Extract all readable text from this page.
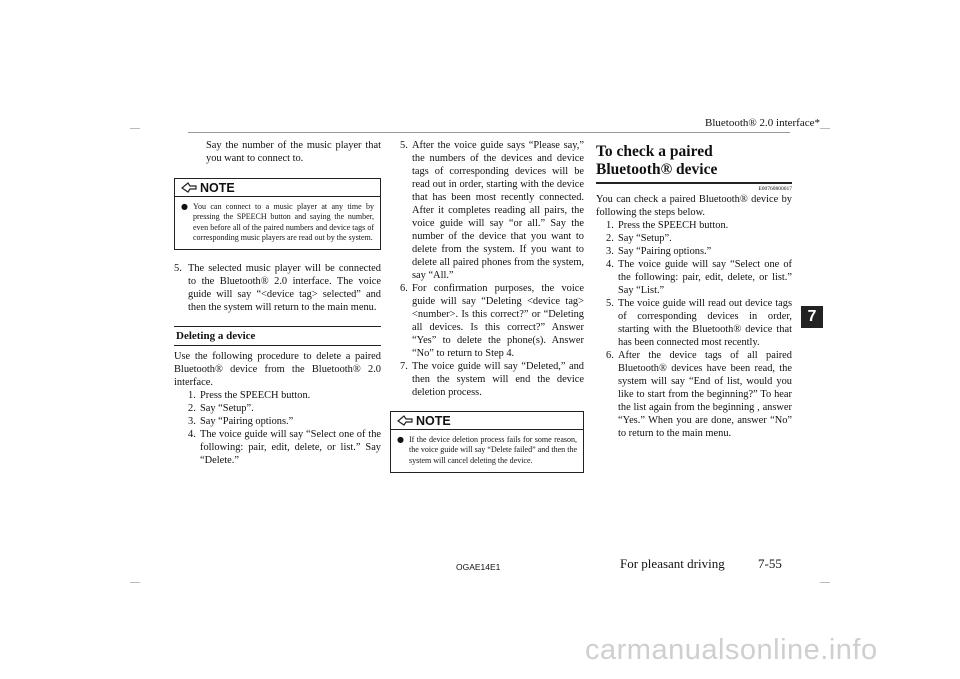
Bluetooth® 2.0 interface*
7
Say the number of the music player that you want to connect to.
NOTE
● You can connect to a music player at any time by pressing the SPEECH button and saying the number, even before all of the paired numbers and device tags of corresponding music players are read out by the system.
5. The selected music player will be connected to the Bluetooth® 2.0 interface. The voice guide will say “<device tag> selected” and then the system will return to the main menu.
Deleting a device
Use the following procedure to delete a paired Bluetooth® device from the Bluetooth® 2.0 interface.
1. Press the SPEECH button.
2. Say “Setup”.
3. Say “Pairing options.”
4. The voice guide will say “Select one of the following: pair, edit, delete, or list.” Say “Delete.”
5. After the voice guide says “Please say,” the numbers of the devices and device tags of corresponding devices will be read out in order, starting with the device that has been most recently connected. After it completes reading all pairs, the voice guide will say “or all.” Say the number of the device that you want to delete from the system. If you want to delete all paired phones from the system, say “All.”
6. For confirmation purposes, the voice guide will say “Deleting <device tag> <number>. Is this correct?” or “Deleting all devices. Is this correct?” Answer “Yes” to delete the phone(s). Answer “No” to return to Step 4.
7. The voice guide will say “Deleted,” and then the system will end the device deletion process.
NOTE
● If the device deletion process fails for some reason, the voice guide will say “Delete failed” and then the system will cancel deleting the device.
To check a paired Bluetooth® device
E00760800017
You can check a paired Bluetooth® device by following the steps below.
1. Press the SPEECH button.
2. Say “Setup”.
3. Say “Pairing options.”
4. The voice guide will say “Select one of the following: pair, edit, delete, or list.” Say “List.”
5. The voice guide will read out device tags of corresponding devices in order, starting with the Bluetooth® device that has been connected most recently.
6. After the device tags of all paired Bluetooth® devices have been read, the system will say “End of list, would you like to start from the beginning?” To hear the list again from the beginning , answer “Yes.” When you are done, answer “No” to return to the main menu.
OGAE14E1	For pleasant driving	7-55
carmanualsonline.info
